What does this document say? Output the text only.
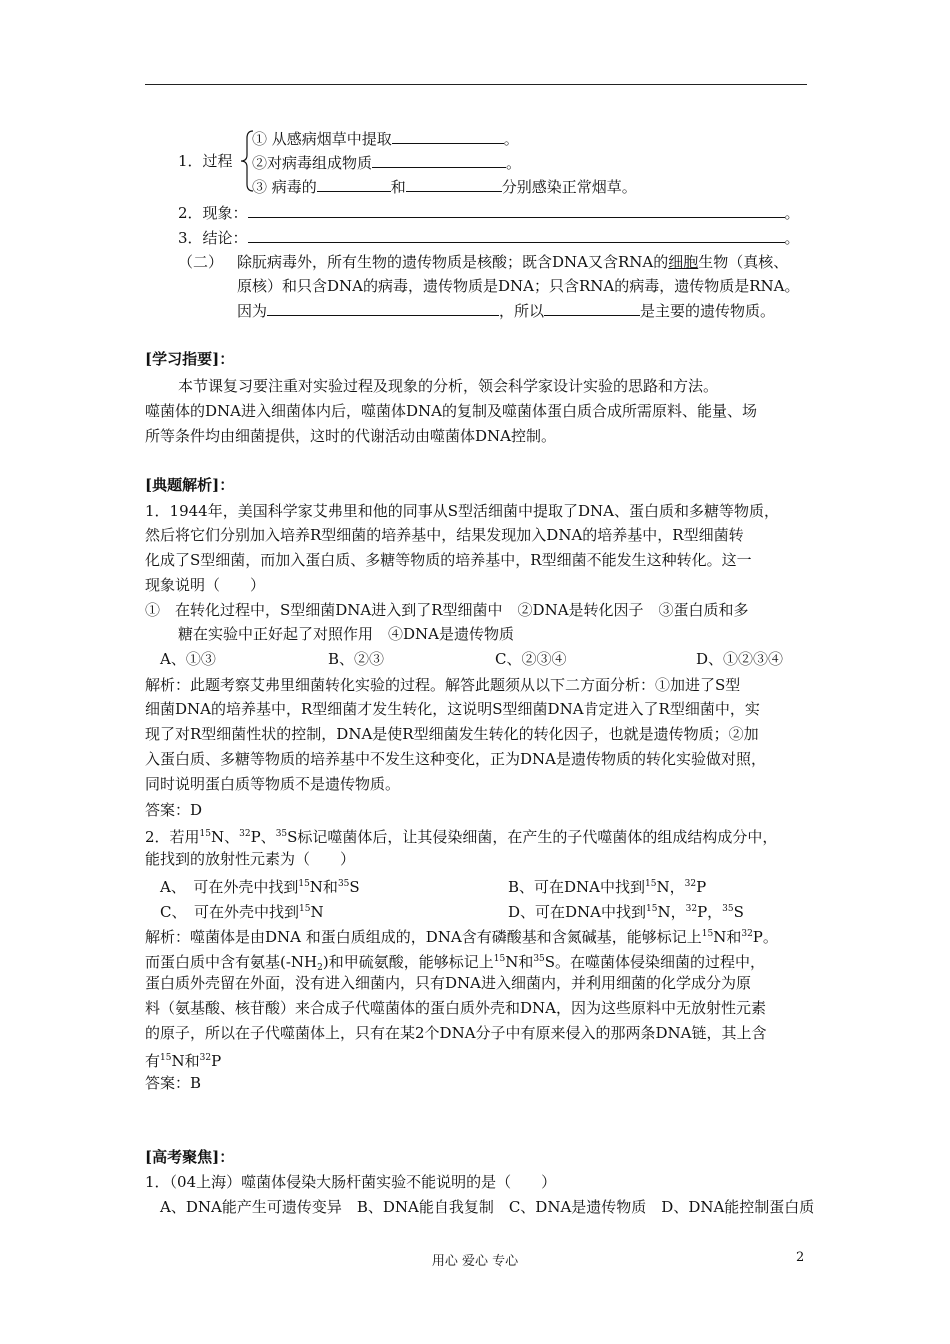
1．过程
① 从感病烟草中提取	。
②对病毒组成物质	。
③ 病毒的	和	分别感染正常烟草。
2．现象：	。
3．结论：	。
（二） 除朊病毒外，所有生物的遗传物质是核酸；既含DNA又含RNA的细胞生物（真核、
原核）和只含DNA的病毒，遗传物质是DNA；只含RNA的病毒，遗传物质是RNA。
因为	，所以	是主要的遗传物质。
[学习指要]：
本节课复习要注重对实验过程及现象的分析，领会科学家设计实验的思路和方法。
噬菌体的DNA进入细菌体内后，噬菌体DNA的复制及噬菌体蛋白质合成所需原料、能量、场
所等条件均由细菌提供，这时的代谢活动由噬菌体DNA控制。
[典题解析]：
1．1944年，美国科学家艾弗里和他的同事从S型活细菌中提取了DNA、蛋白质和多糖等物质，
然后将它们分别加入培养R型细菌的培养基中，结果发现加入DNA的培养基中，R型细菌转
化成了S型细菌，而加入蛋白质、多糖等物质的培养基中，R型细菌不能发生这种转化。这一
现象说明（　　）
①　在转化过程中，S型细菌DNA进入到了R型细菌中　②DNA是转化因子　③蛋白质和多
糖在实验中正好起了对照作用　④DNA是遗传物质
A、①③	B、②③	C、②③④	D、①②③④
解析：此题考察艾弗里细菌转化实验的过程。解答此题须从以下二方面分析：①加进了S型
细菌DNA的培养基中，R型细菌才发生转化，这说明S型细菌DNA肯定进入了R型细菌中，实
现了对R型细菌性状的控制，DNA是使R型细菌发生转化的转化因子，也就是遗传物质；②加
入蛋白质、多糖等物质的培养基中不发生这种变化，正为DNA是遗传物质的转化实验做对照，
同时说明蛋白质等物质不是遗传物质。
答案：D
2．若用$^{15}$N、$^{32}$P、$^{35}$S标记噬菌体后，让其侵染细菌，在产生的子代噬菌体的组成结构成分中，
能找到的放射性元素为（　　）
A、　可在外壳中找到$^{15}$N和$^{35}$S	B、可在DNA中找到$^{15}$N，$^{32}$P
C、　可在外壳中找到$^{15}$N	D、可在DNA中找到$^{15}$N，$^{32}$P，$^{35}$S
解析：噬菌体是由DNA 和蛋白质组成的，DNA含有磷酸基和含氮碱基，能够标记上$^{15}$N和$^{32}$P。
而蛋白质中含有氨基$(-NH_2)$和甲硫氨酸，能够标记上$^{15}$N和$^{35}$S。在噬菌体侵染细菌的过程中，
蛋白质外壳留在外面，没有进入细菌内，只有DNA进入细菌内，并利用细菌的化学成分为原
料（氨基酸、核苷酸）来合成子代噬菌体的蛋白质外壳和DNA，因为这些原料中无放射性元素
的原子，所以在子代噬菌体上，只有在某2个DNA分子中有原来侵入的那两条DNA链，其上含
有$^{15}$N和$^{32}$P
答案：B
[高考聚焦]：
1．（04上海）噬菌体侵染大肠杆菌实验不能说明的是（　　）
A、DNA能产生可遗传变异　B、DNA能自我复制　C、DNA是遗传物质　D、DNA能控制蛋白质
用心 爱心 专心	2
